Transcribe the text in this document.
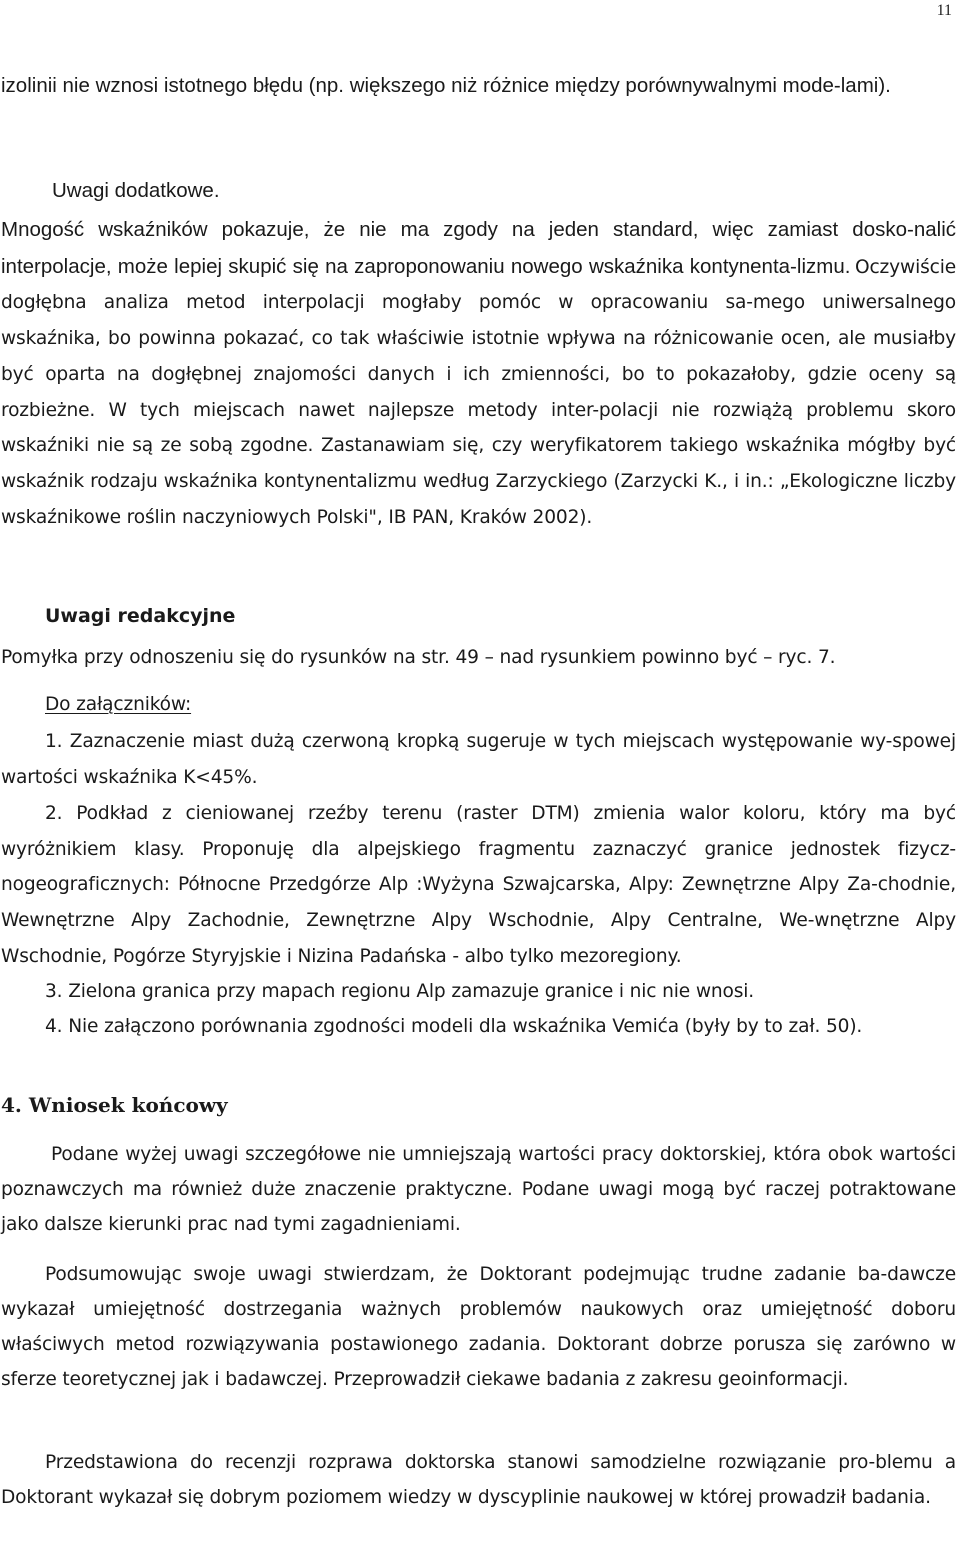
11

izolinii nie wznosi istotnego błędu (np. większego niż różnice między porównywalnymi mode-lami).

Uwagi dodatkowe.

Mnogość wskaźników pokazuje, że nie ma zgody na jeden standard, więc zamiast dosko-nalić interpolacje, może lepiej skupić się na zaproponowaniu nowego wskaźnika kontynenta-lizmu. Oczywiście dogłębna analiza metod interpolacji mogłaby pomóc w opracowaniu sa-mego uniwersalnego wskaźnika, bo powinna pokazać, co tak właściwie istotnie wpływa na różnicowanie ocen, ale musiałby być oparta na dogłębnej znajomości danych i ich zmienności, bo to pokazałoby, gdzie oceny są rozbieżne. W tych miejscach nawet najlepsze metody inter-polacji nie rozwiążą problemu skoro wskaźniki nie są ze sobą zgodne. Zastanawiam się, czy weryfikatorem takiego wskaźnika mógłby być wskaźnik rodzaju wskaźnika kontynentalizmu według Zarzyckiego (Zarzycki K., i in.: „Ekologiczne liczby wskaźnikowe roślin naczyniowych Polski", IB PAN, Kraków 2002).

Uwagi redakcyjne

Pomyłka przy odnoszeniu się do rysunków na str. 49 – nad rysunkiem powinno być – ryc. 7.

Do załączników:

1. Zaznaczenie miast dużą czerwoną kropką sugeruje w tych miejscach występowanie wy-spowej wartości wskaźnika K<45%.

2. Podkład z cieniowanej rzeźby terenu (raster DTM) zmienia walor koloru, który ma być wyróżnikiem klasy. Proponuję dla alpejskiego fragmentu zaznaczyć granice jednostek fizycz-nogeograficznych: Północne Przedgórze Alp :Wyżyna Szwajcarska, Alpy: Zewnętrzne Alpy Za-chodnie, Wewnętrzne Alpy Zachodnie, Zewnętrzne Alpy Wschodnie, Alpy Centralne, We-wnętrzne Alpy Wschodnie, Pogórze Styryjskie i Nizina Padańska - albo tylko mezoregiony.

3. Zielona granica przy mapach regionu Alp zamazuje granice i nic nie wnosi.

4. Nie załączono porównania zgodności modeli dla wskaźnika Vemića (były by to zał. 50).

4. Wniosek końcowy

Podane wyżej uwagi szczegółowe nie umniejszają wartości pracy doktorskiej, która obok wartości poznawczych ma również duże znaczenie praktyczne. Podane uwagi mogą być raczej potraktowane jako dalsze kierunki prac nad tymi zagadnieniami.

Podsumowując swoje uwagi stwierdzam, że Doktorant podejmując trudne zadanie ba-dawcze wykazał umiejętność dostrzegania ważnych problemów naukowych oraz umiejętność doboru właściwych metod rozwiązywania postawionego zadania. Doktorant dobrze porusza się zarówno w sferze teoretycznej jak i badawczej. Przeprowadził ciekawe badania z zakresu geoinformacji.

Przedstawiona do recenzji rozprawa doktorska stanowi samodzielne rozwiązanie pro-blemu a Doktorant wykazał się dobrym poziomem wiedzy w dyscyplinie naukowej w której prowadził badania.
